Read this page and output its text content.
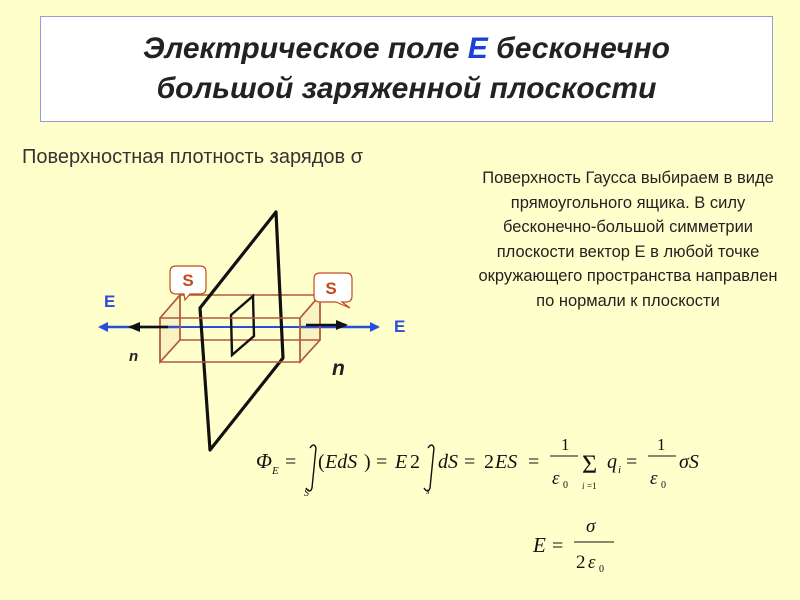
Электрическое поле Е бесконечно
большой заряженной плоскости
Поверхностная плотность зарядов σ
Поверхность Гаусса выбираем в виде прямоугольного ящика. В силу бесконечно-большой симметрии плоскости вектор Е в любой точке окружающего пространства направлен по нормали к плоскости
S	S
E
E
n
n
Φ E =
S
( EdS ) = E 2
s
dS = 2 ES =
1
ε 0
Σ
i =1
q i =
1
ε 0
σS
E =
σ
2 ε 0
